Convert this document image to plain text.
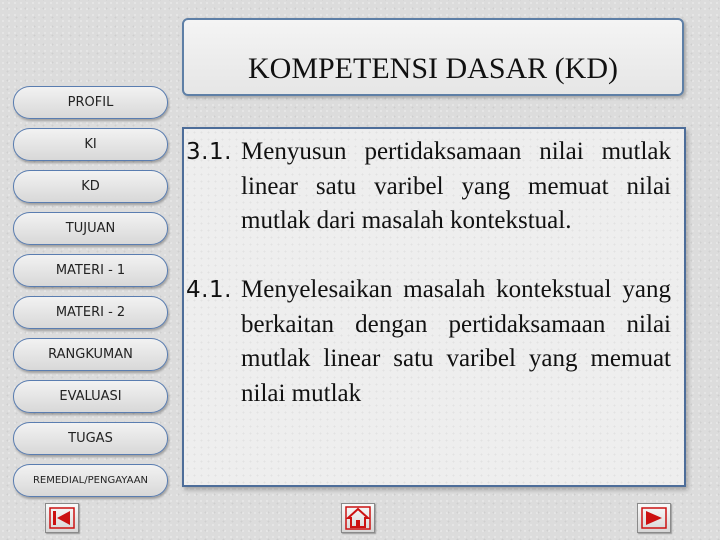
KOMPETENSI DASAR (KD)
PROFIL
KI
KD
TUJUAN
MATERI - 1
MATERI - 2
RANGKUMAN
EVALUASI
TUGAS
REMEDIAL/PENGAYAAN
3.1. Menyusun pertidaksamaan nilai mutlak linear satu varibel yang memuat nilai mutlak dari masalah kontekstual.
4.1. Menyelesaikan masalah kontekstual yang berkaitan dengan pertidaksamaan nilai mutlak linear satu varibel yang memuat nilai mutlak
